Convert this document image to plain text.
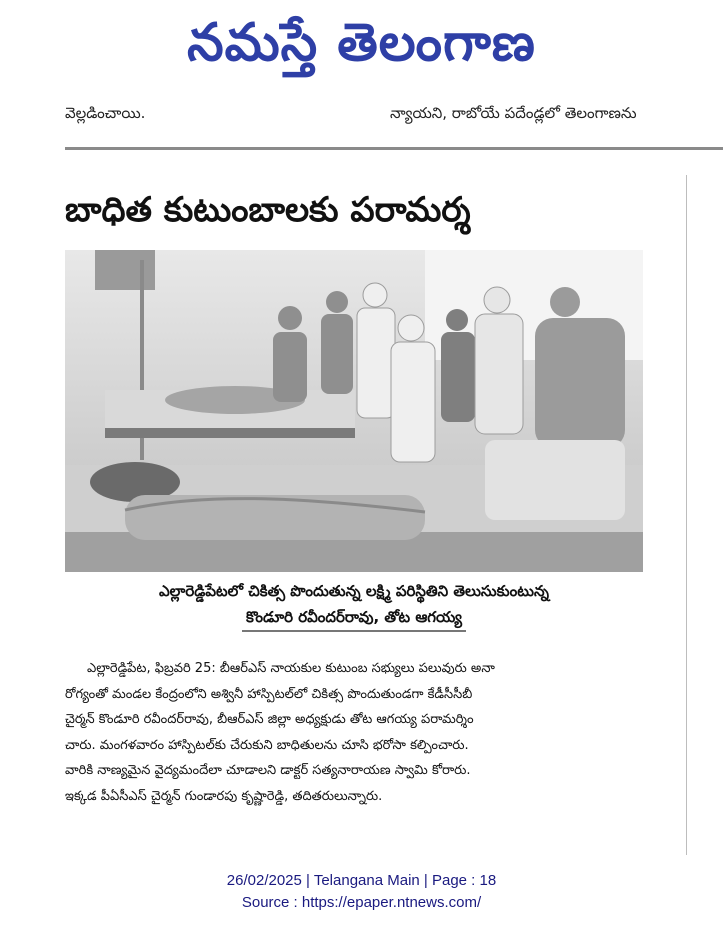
నమస్తే తెలంగాణ
వెల్లడించాయి.	న్యాయని, రాబోయే పదేండ్లలో తెలంగాణను
బాధిత కుటుంబాలకు పరామర్శ
ఎల్లారెడ్డిపేటలో చికిత్స పొందుతున్న లక్ష్మి పరిస్థితిని తెలుసుకుంటున్న
కొండూరి రవీందర్‌రావు, తోట ఆగయ్య
ఎల్లారెడ్డిపేట, ఫిబ్రవరి 25: బీఆర్‌ఎస్ నాయకుల కుటుంబ సభ్యులు పలువురు అనా
రోగ్యంతో మండల కేంద్రంలోని అశ్వినీ హాస్పిటల్‌లో చికిత్స పొందుతుండగా కేడీసీసీబీ
చైర్మన్ కొండూరి రవీందర్‌రావు, బీఆర్‌ఎస్ జిల్లా అధ్యక్షుడు తోట ఆగయ్య పరామర్శిం
చారు. మంగళవారం హాస్పిటల్‌కు చేరుకుని బాధితులను చూసి భరోసా కల్పించారు.
వారికి నాణ్యమైన వైద్యమందేలా చూడాలని డాక్టర్ సత్యనారాయణ స్వామి కోరారు.
ఇక్కడ పీఏసీఎస్ చైర్మన్ గుండారపు కృష్ణారెడ్డి, తదితరులున్నారు.
26/02/2025 | Telangana Main | Page : 18
Source : https://epaper.ntnews.com/
